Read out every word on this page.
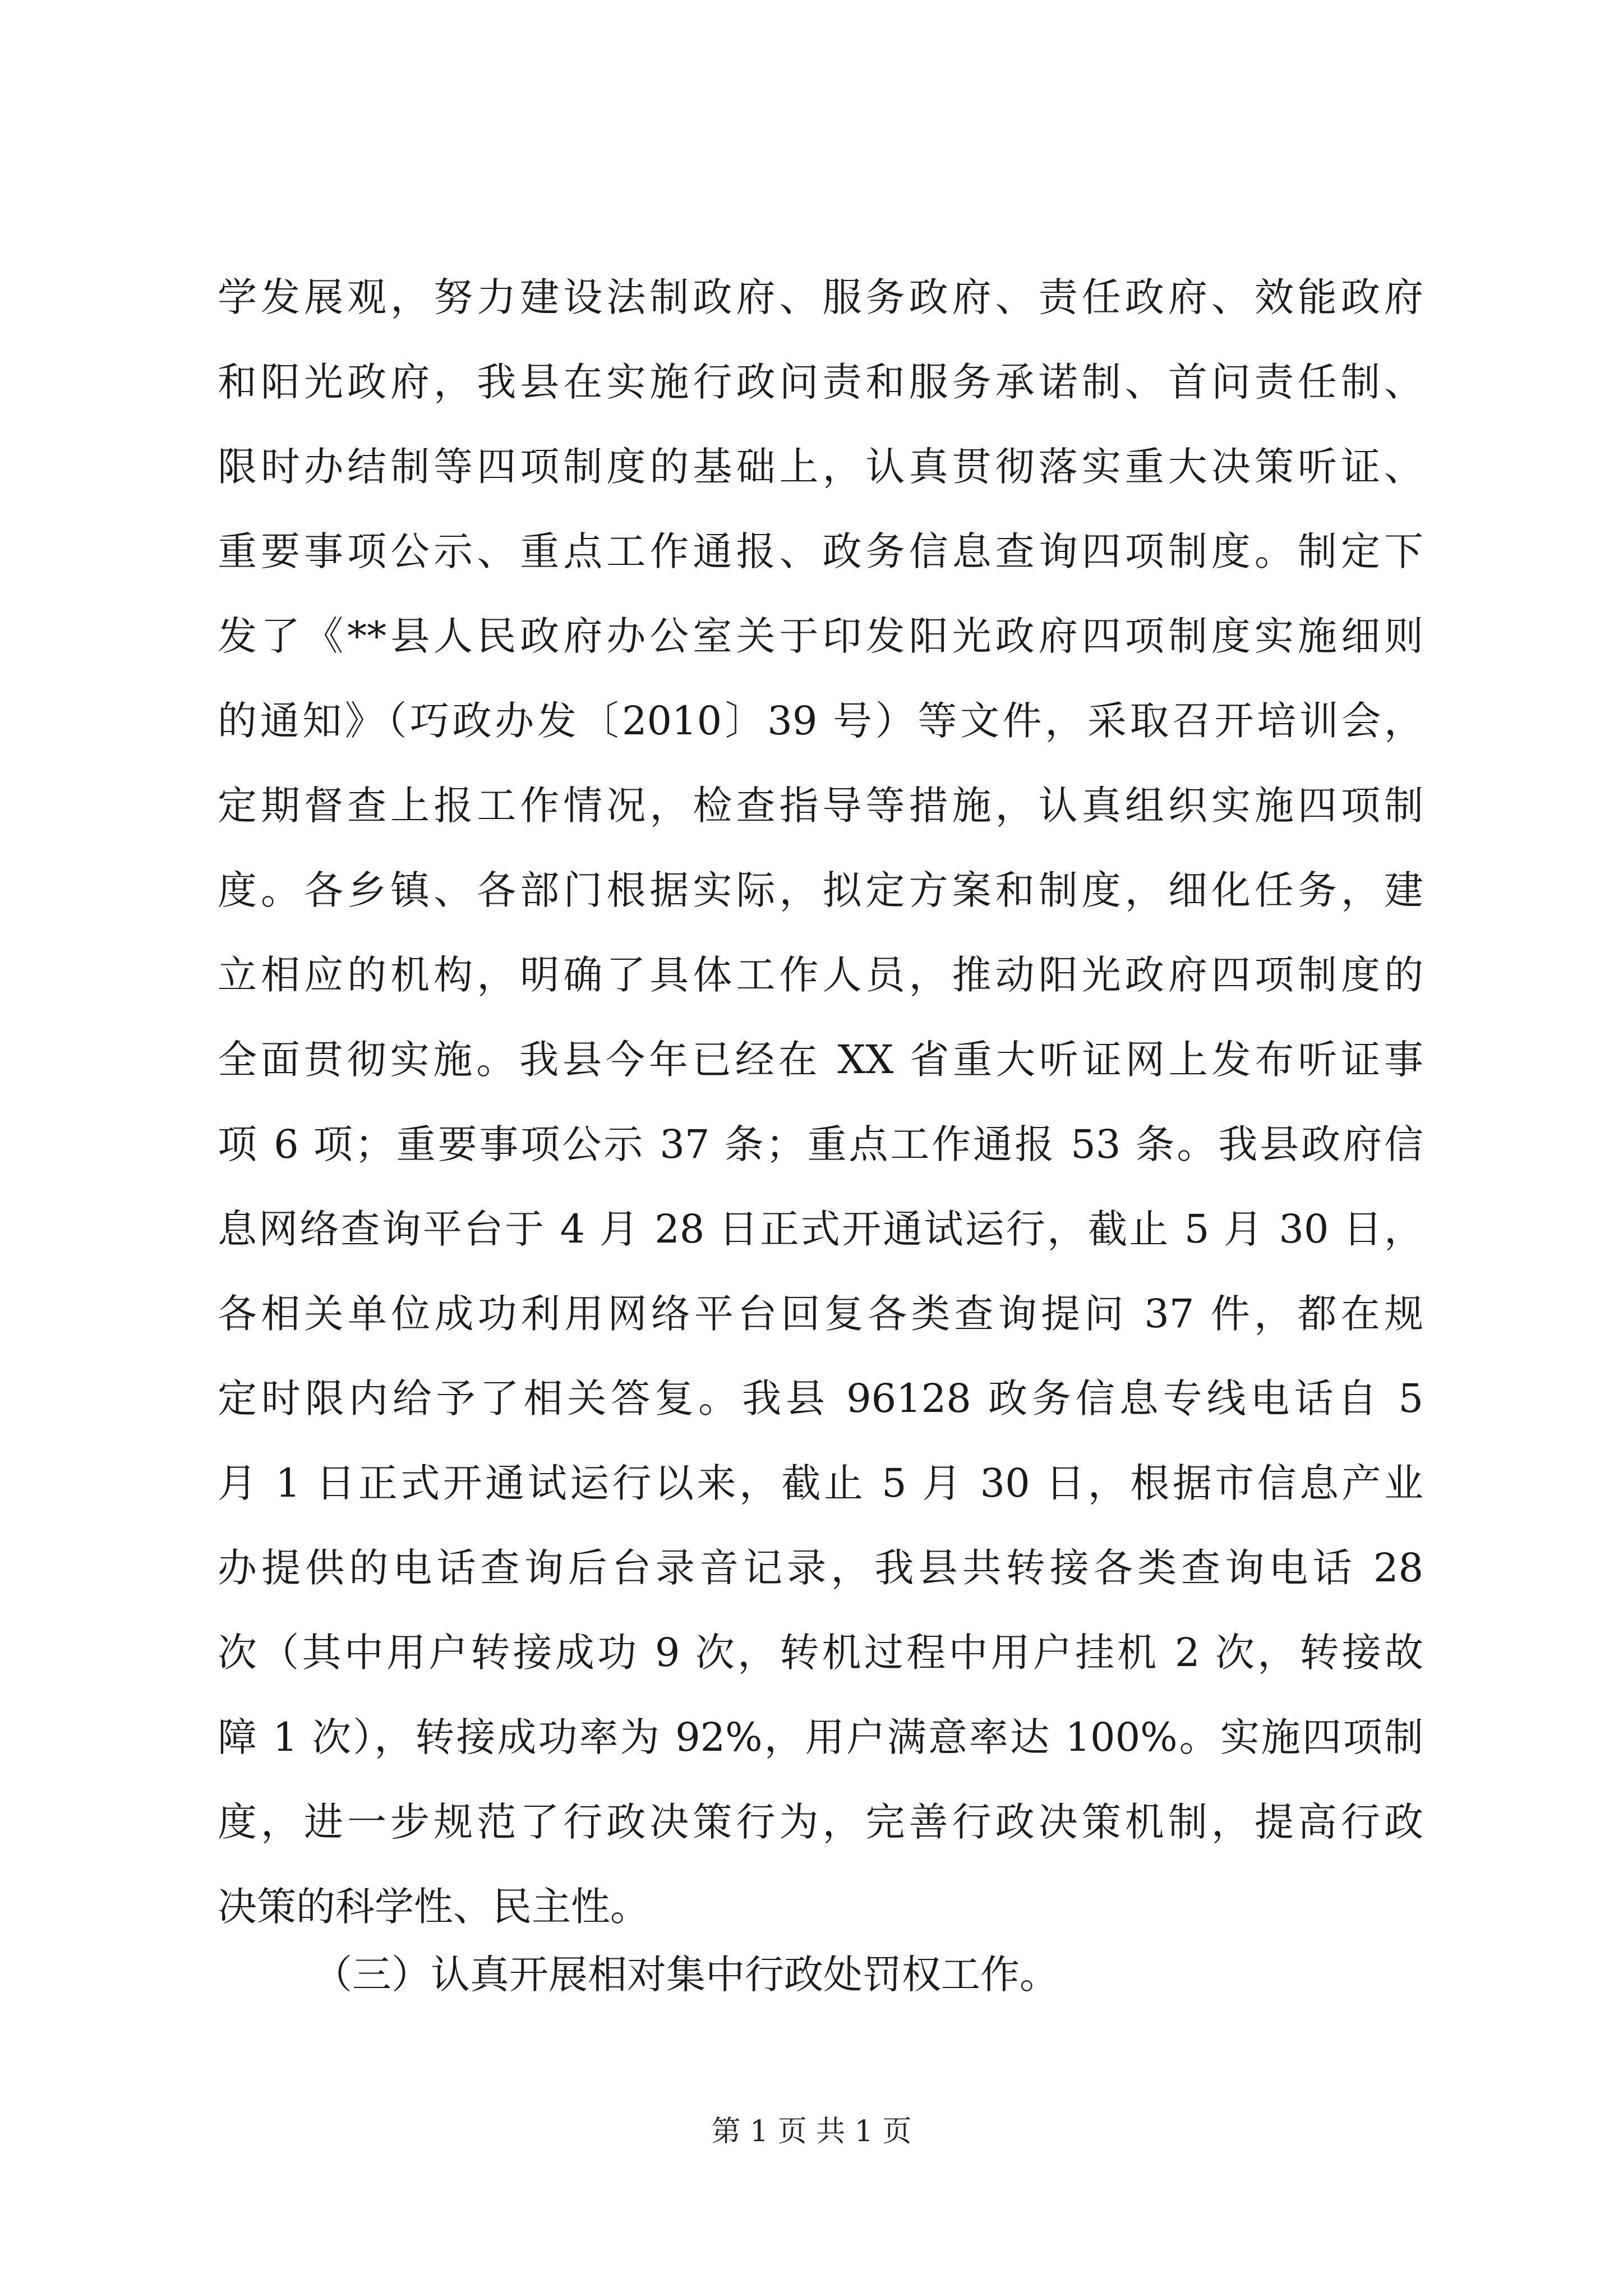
学发展观，努力建设法制政府、服务政府、责任政府、效能政府
和阳光政府，我县在实施行政问责和服务承诺制、首问责任制、
限时办结制等四项制度的基础上，认真贯彻落实重大决策听证、
重要事项公示、重点工作通报、政务信息查询四项制度。制定下
发了《**县人民政府办公室关于印发阳光政府四项制度实施细则
的通知》（巧政办发〔2010〕39 号）等文件，采取召开培训会，
定期督查上报工作情况，检查指导等措施，认真组织实施四项制
度。各乡镇、各部门根据实际，拟定方案和制度，细化任务，建
立相应的机构，明确了具体工作人员，推动阳光政府四项制度的
全面贯彻实施。我县今年已经在 XX 省重大听证网上发布听证事
项 6 项；重要事项公示 37 条；重点工作通报 53 条。我县政府信
息网络查询平台于 4 月 28 日正式开通试运行，截止 5 月 30 日，
各相关单位成功利用网络平台回复各类查询提问 37 件，都在规
定时限内给予了相关答复。我县 96128 政务信息专线电话自 5
月 1 日正式开通试运行以来，截止 5 月 30 日，根据市信息产业
办提供的电话查询后台录音记录，我县共转接各类查询电话 28
次（其中用户转接成功 9 次，转机过程中用户挂机 2 次，转接故
障 1 次），转接成功率为 92%，用户满意率达 100%。实施四项制
度，进一步规范了行政决策行为，完善行政决策机制，提高行政
决策的科学性、民主性。
（三）认真开展相对集中行政处罚权工作。
第 1 页 共 1 页
